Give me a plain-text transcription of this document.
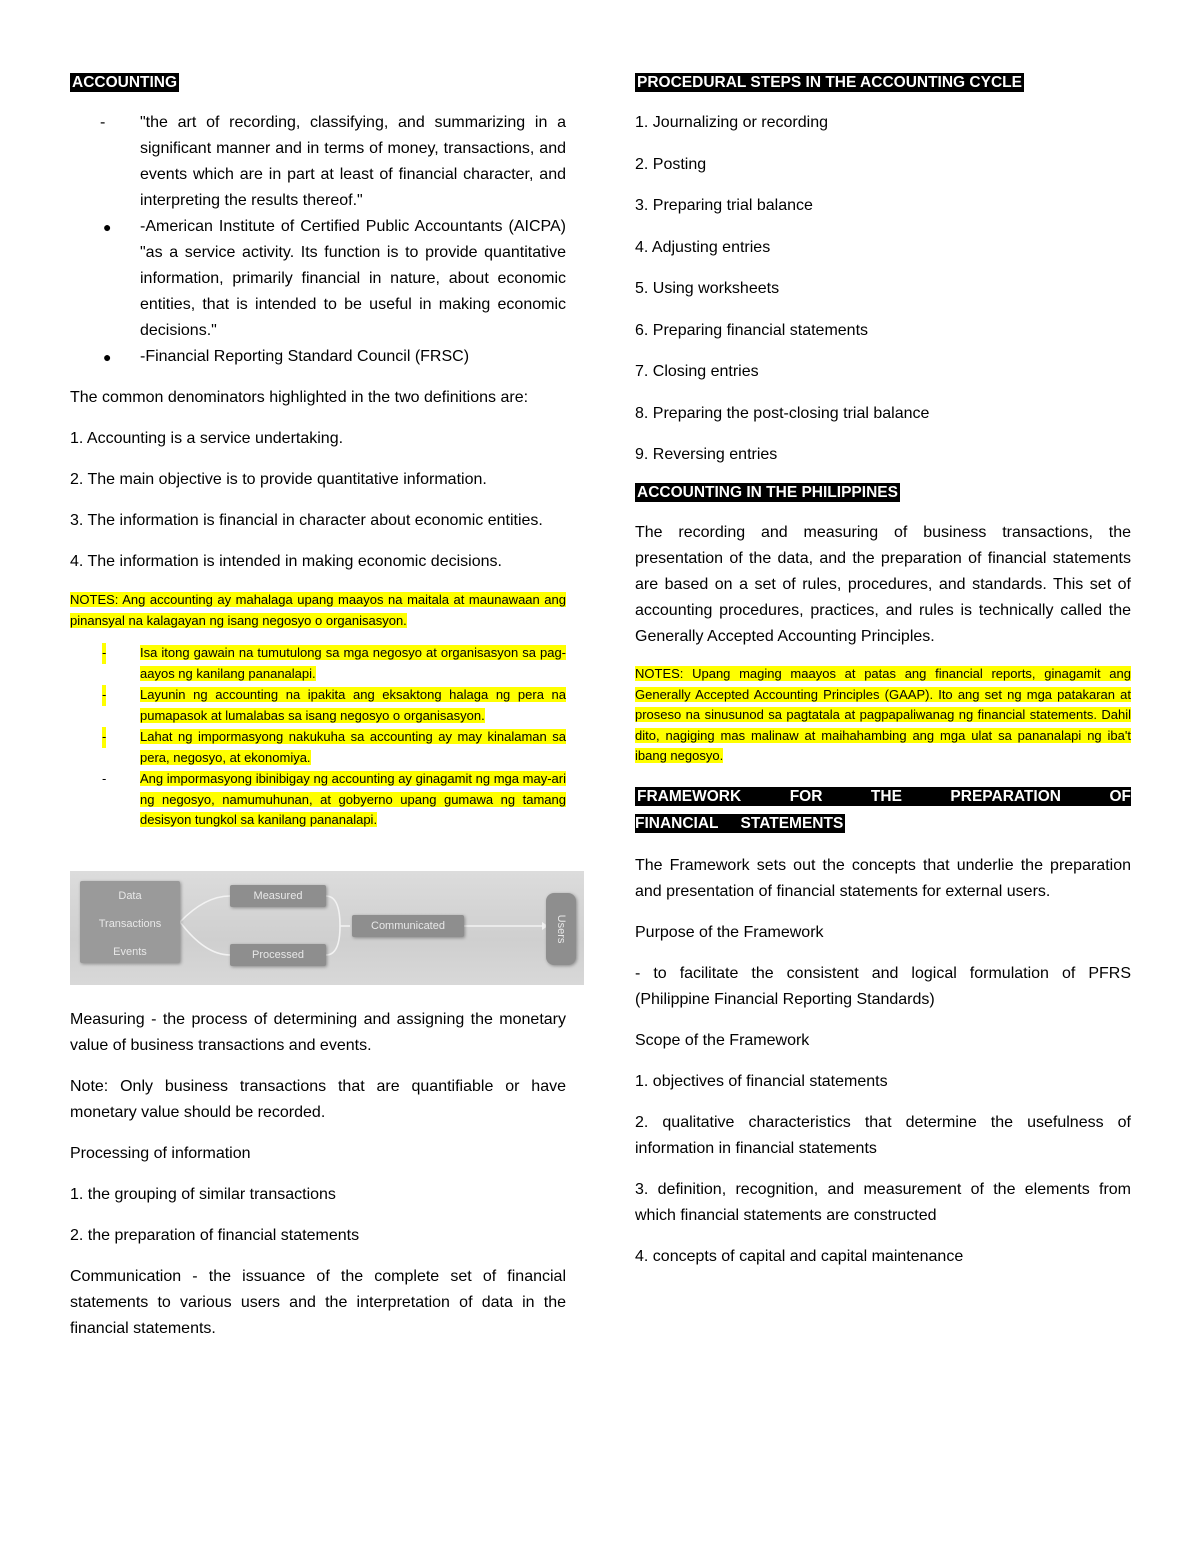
ACCOUNTING
- "the art of recording, classifying, and summarizing in a significant manner and in terms of money, transactions, and events which are in part at least of financial character, and interpreting the results thereof."
● -American Institute of Certified Public Accountants (AICPA) "as a service activity. Its function is to provide quantitative information, primarily financial in nature, about economic entities, that is intended to be useful in making economic decisions."
● -Financial Reporting Standard Council (FRSC)

The common denominators highlighted in the two definitions are:

1. Accounting is a service undertaking.

2. The main objective is to provide quantitative information.

3. The information is financial in character about economic entities.

4. The information is intended in making economic decisions.

NOTES: Ang accounting ay mahalaga upang maayos na maitala at maunawaan ang pinansyal na kalagayan ng isang negosyo o organisasyon.
-	Isa itong gawain na tumutulong sa mga negosyo at organisasyon sa pag-aayos ng kanilang pananalapi.
-	Layunin ng accounting na ipakita ang eksaktong halaga ng pera na pumapasok at lumalabas sa isang negosyo o organisasyon.
-	Lahat ng impormasyong nakukuha sa accounting ay may kinalaman sa pera, negosyo, at ekonomiya.
-	Ang impormasyong ibinibigay ng accounting ay ginagamit ng mga may-ari ng negosyo, namumuhunan, at gobyerno upang gumawa ng tamang desisyon tungkol sa kanilang pananalapi.
Data
Transactions
Events
Measured
Processed
Communicated	Users

Measuring - the process of determining and assigning the monetary value of business transactions and events.

Note: Only business transactions that are quantifiable or have monetary value should be recorded.

Processing of information

1. the grouping of similar transactions

2. the preparation of financial statements

Communication - the issuance of the complete set of financial statements to various users and the interpretation of data in the financial statements.

PROCEDURAL STEPS IN THE ACCOUNTING CYCLE

1. Journalizing or recording

2. Posting

3. Preparing trial balance

4. Adjusting entries

5. Using worksheets

6. Preparing financial statements

7. Closing entries

8. Preparing the post-closing trial balance

9. Reversing entries

ACCOUNTING IN THE PHILIPPINES

The recording and measuring of business transactions, the presentation of the data, and the preparation of financial statements are based on a set of rules, procedures, and standards. This set of accounting procedures, practices, and rules is technically called the Generally Accepted Accounting Principles.

NOTES: Upang maging maayos at patas ang financial reports, ginagamit ang Generally Accepted Accounting Principles (GAAP). Ito ang set ng mga patakaran at proseso na sinusunod sa pagtatala at pagpapaliwanag ng financial statements. Dahil dito, nagiging mas malinaw at maihahambing ang mga ulat sa pananalapi ng iba't ibang negosyo.
FRAMEWORK FOR THE PREPARATION OF FINANCIAL STATEMENTS

The Framework sets out the concepts that underlie the preparation and presentation of financial statements for external users.

Purpose of the Framework

- to facilitate the consistent and logical formulation of PFRS (Philippine Financial Reporting Standards)

Scope of the Framework

1. objectives of financial statements

2. qualitative characteristics that determine the usefulness of information in financial statements

3. definition, recognition, and measurement of the elements from which financial statements are constructed

4. concepts of capital and capital maintenance
